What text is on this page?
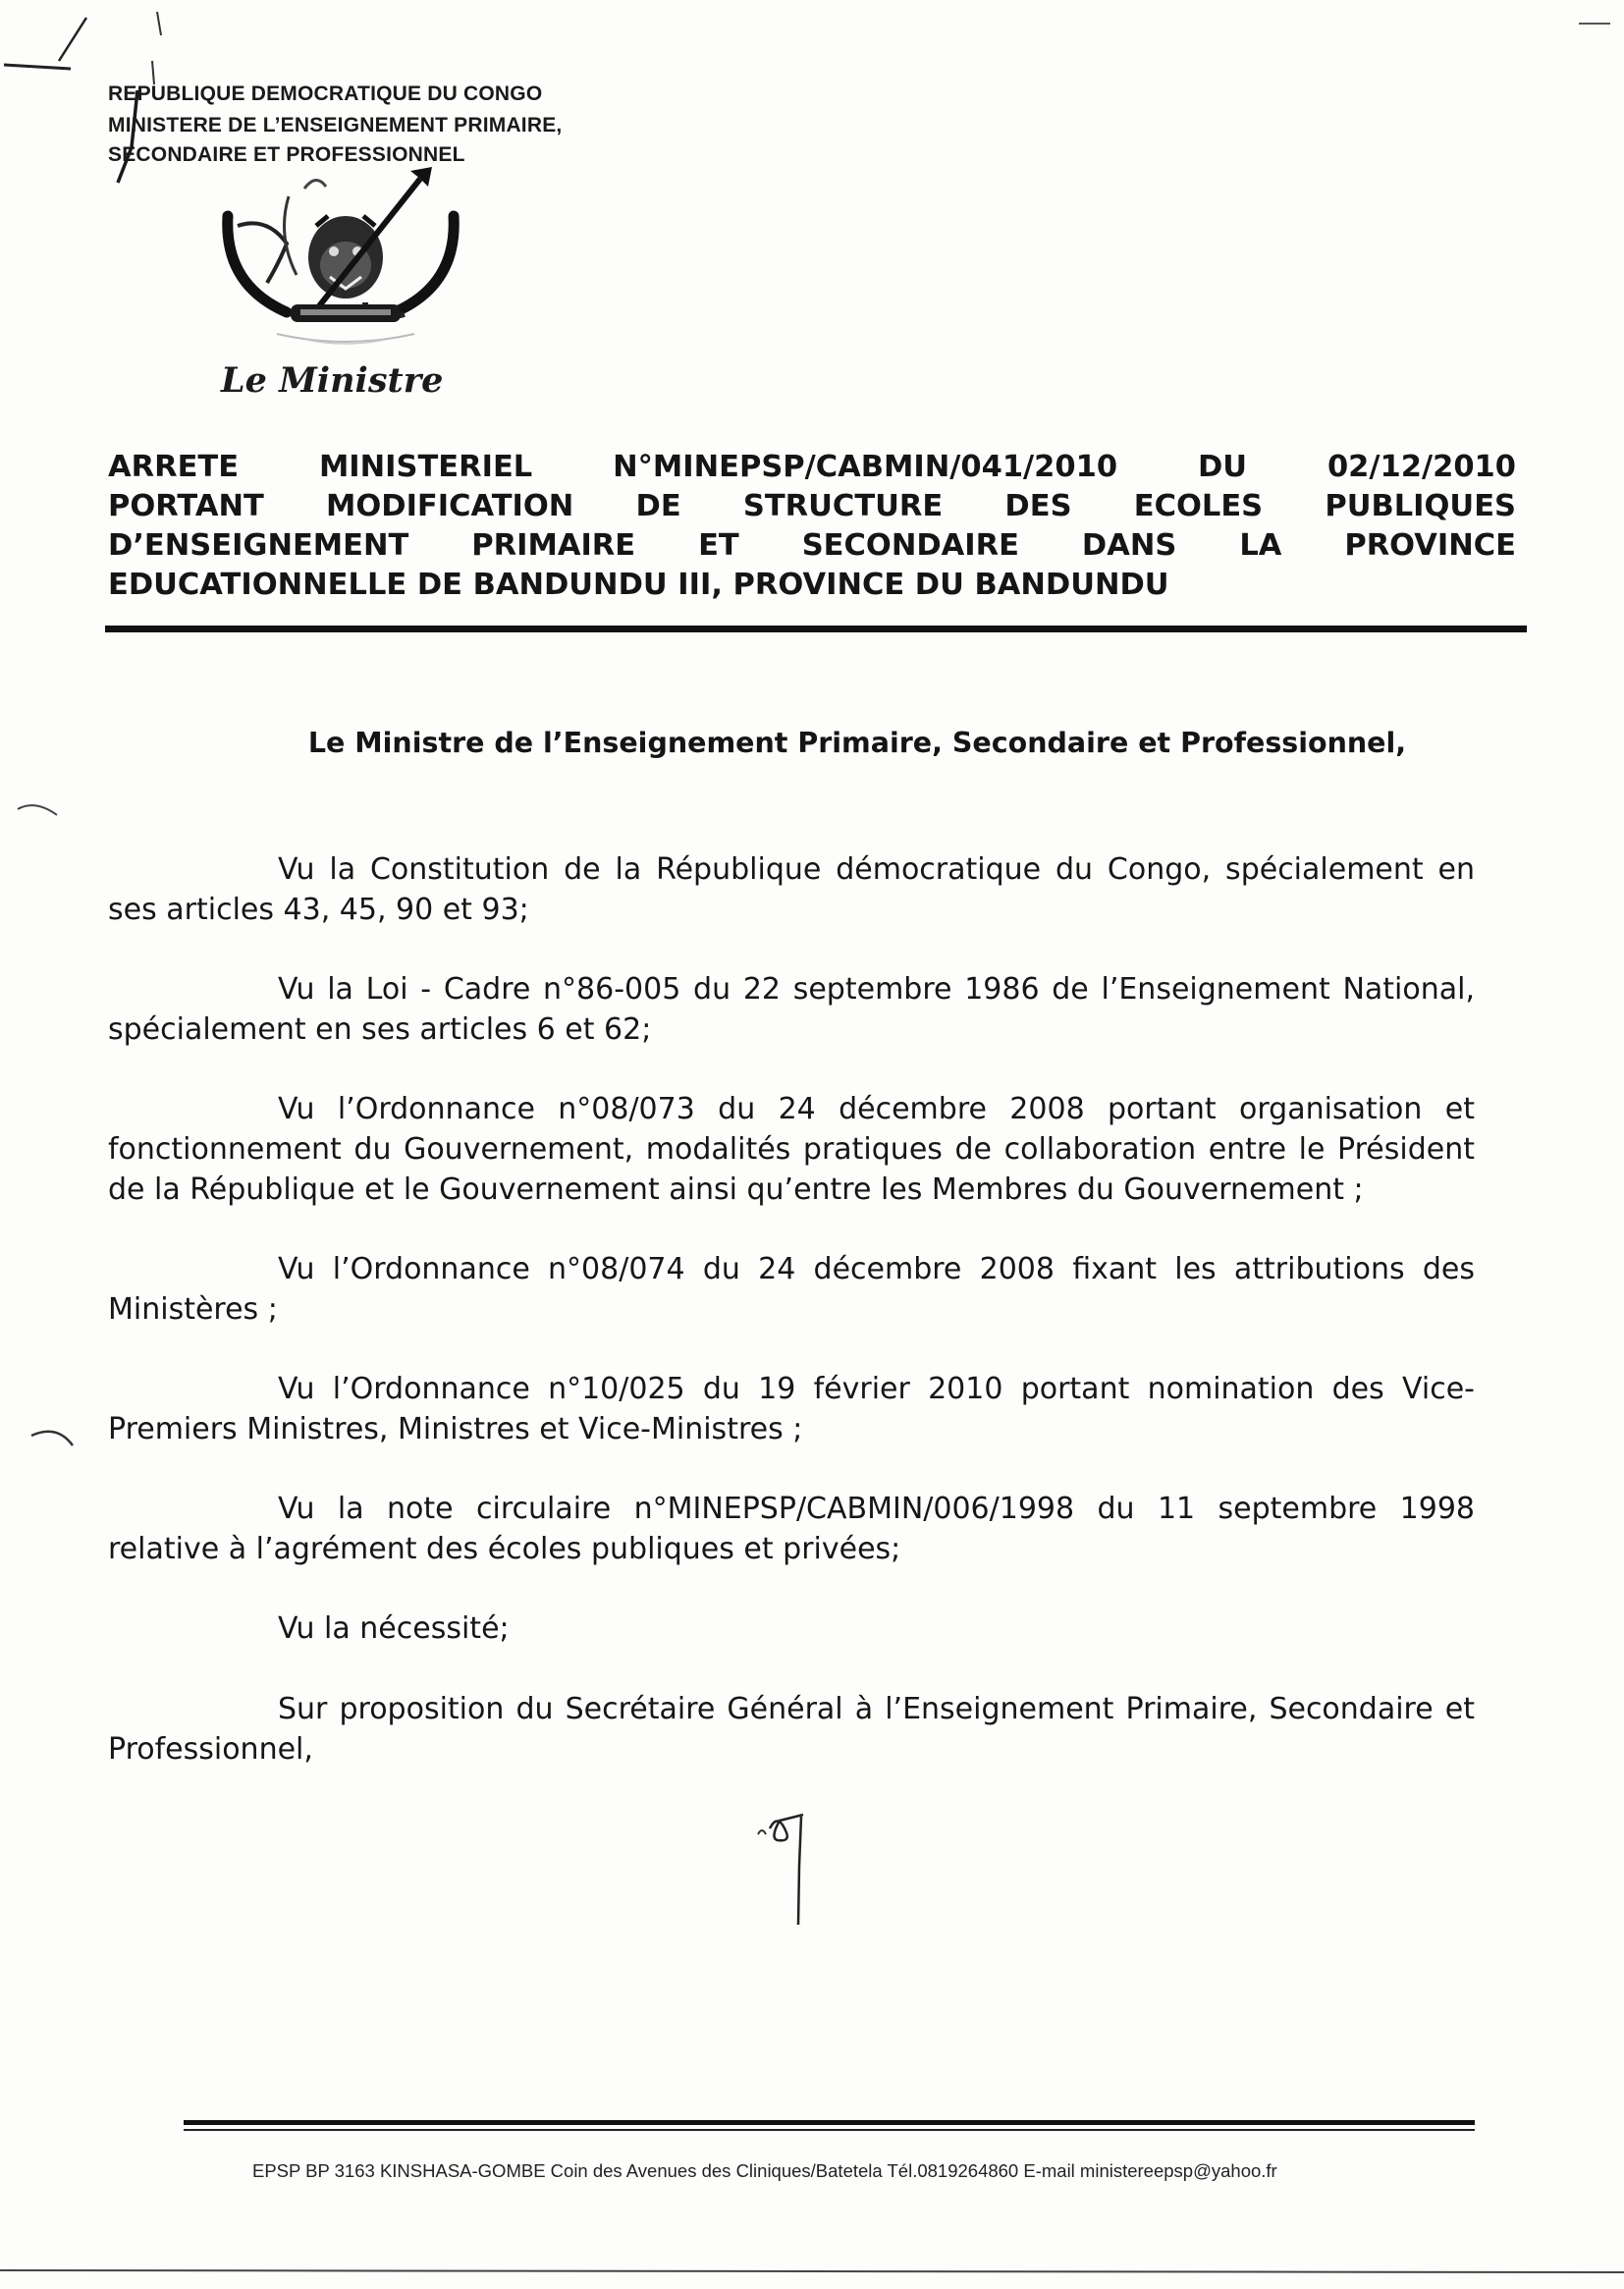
REPUBLIQUE DEMOCRATIQUE DU CONGO
MINISTERE DE L’ENSEIGNEMENT PRIMAIRE,
SECONDAIRE ET PROFESSIONNEL
Le Ministre
ARRETE MINISTERIEL N°MINEPSP/CABMIN/041/2010 DU 02/12/2010
PORTANT MODIFICATION DE STRUCTURE DES ECOLES PUBLIQUES
D’ENSEIGNEMENT PRIMAIRE ET SECONDAIRE DANS LA PROVINCE
EDUCATIONNELLE DE BANDUNDU III, PROVINCE DU BANDUNDU
Le Ministre de l’Enseignement Primaire, Secondaire et Professionnel,
Vu la Constitution de la République démocratique du Congo, spécialement en ses articles 43, 45, 90 et 93;
Vu la Loi - Cadre n°86-005 du 22 septembre 1986 de l’Enseignement National, spécialement en ses articles 6 et 62;
Vu l’Ordonnance n°08/073 du 24 décembre 2008 portant organisation et fonctionnement du Gouvernement, modalités pratiques de collaboration entre le Président de la République et le Gouvernement ainsi qu’entre les Membres du Gouvernement ;
Vu l’Ordonnance n°08/074 du 24 décembre 2008 fixant les attributions des Ministères ;
Vu l’Ordonnance n°10/025 du 19 février 2010 portant nomination des Vice-Premiers Ministres, Ministres et Vice-Ministres ;
Vu la note circulaire n°MINEPSP/CABMIN/006/1998 du 11 septembre 1998 relative à l’agrément des écoles publiques et privées;
Vu la nécessité;
Sur proposition du Secrétaire Général à l’Enseignement Primaire, Secondaire et Professionnel,
EPSP BP 3163 KINSHASA-GOMBE Coin des Avenues des Cliniques/Batetela Tél.0819264860 E-mail ministereepsp@yahoo.fr
